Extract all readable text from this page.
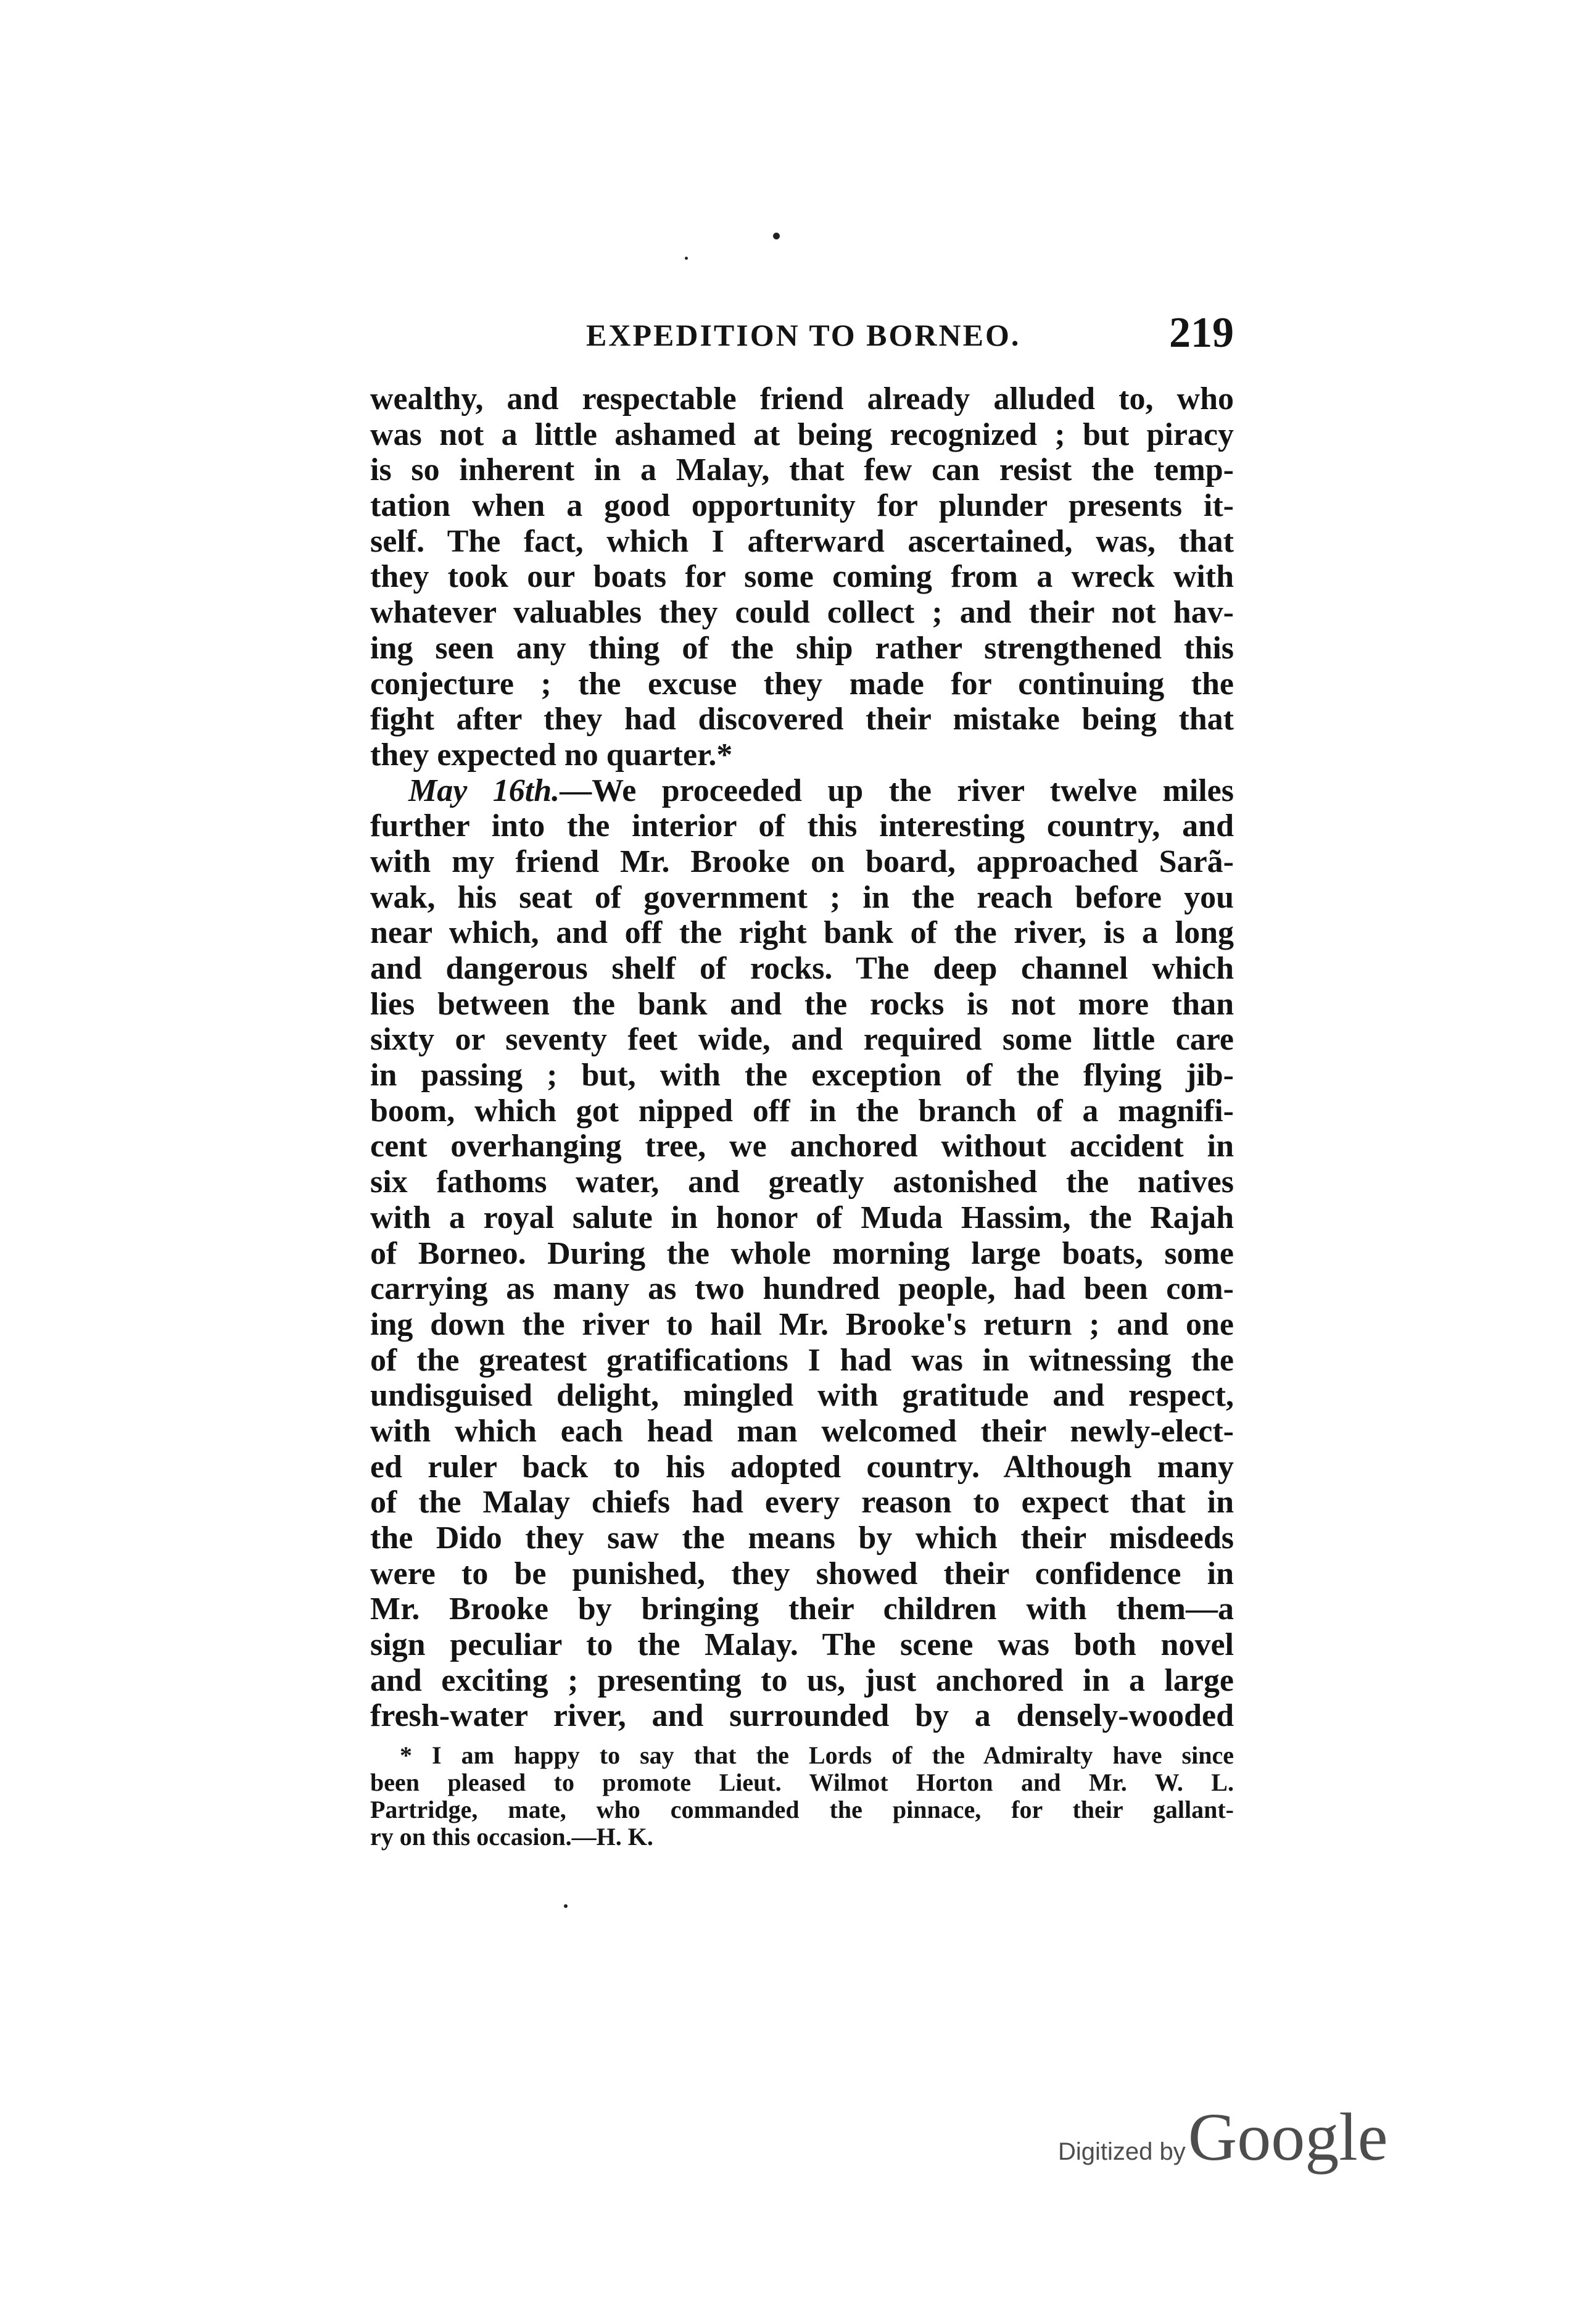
EXPEDITION TO BORNEO.	219
wealthy, and respectable friend already alluded to, who
was not a little ashamed at being recognized ; but piracy
is so inherent in a Malay, that few can resist the temp-
tation when a good opportunity for plunder presents it-
self. The fact, which I afterward ascertained, was, that
they took our boats for some coming from a wreck with
whatever valuables they could collect ; and their not hav-
ing seen any thing of the ship rather strengthened this
conjecture ; the excuse they made for continuing the
fight after they had discovered their mistake being that
they expected no quarter.*
May 16th.—We proceeded up the river twelve miles
further into the interior of this interesting country, and
with my friend Mr. Brooke on board, approached Sarã-
wak, his seat of government ; in the reach before you
near which, and off the right bank of the river, is a long
and dangerous shelf of rocks. The deep channel which
lies between the bank and the rocks is not more than
sixty or seventy feet wide, and required some little care
in passing ; but, with the exception of the flying jib-
boom, which got nipped off in the branch of a magnifi-
cent overhanging tree, we anchored without accident in
six fathoms water, and greatly astonished the natives
with a royal salute in honor of Muda Hassim, the Rajah
of Borneo. During the whole morning large boats, some
carrying as many as two hundred people, had been com-
ing down the river to hail Mr. Brooke's return ; and one
of the greatest gratifications I had was in witnessing the
undisguised delight, mingled with gratitude and respect,
with which each head man welcomed their newly-elect-
ed ruler back to his adopted country. Although many
of the Malay chiefs had every reason to expect that in
the Dido they saw the means by which their misdeeds
were to be punished, they showed their confidence in
Mr. Brooke by bringing their children with them—a
sign peculiar to the Malay. The scene was both novel
and exciting ; presenting to us, just anchored in a large
fresh-water river, and surrounded by a densely-wooded
* I am happy to say that the Lords of the Admiralty have since
been pleased to promote Lieut. Wilmot Horton and Mr. W. L.
Partridge, mate, who commanded the pinnace, for their gallant-
ry on this occasion.—H. K.
Digitized by Google
